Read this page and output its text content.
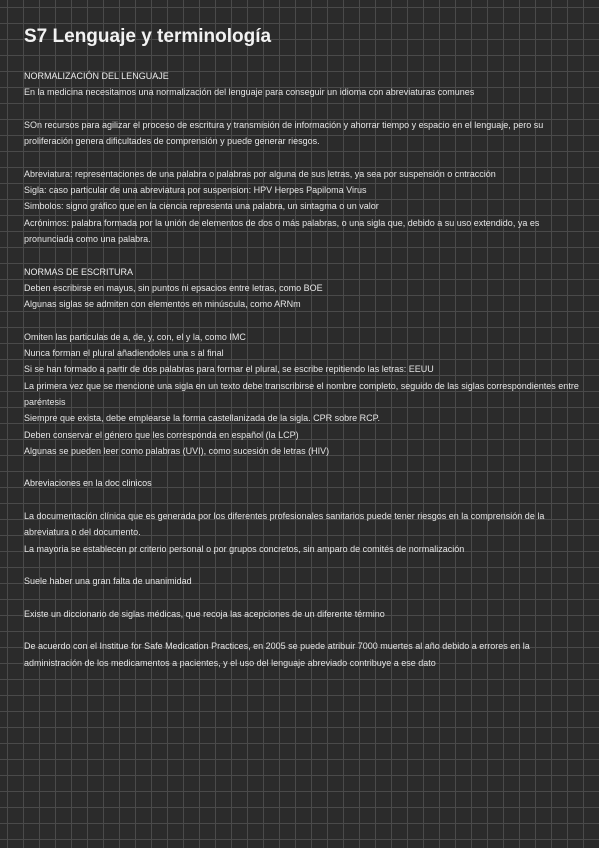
S7 Lenguaje y terminología
NORMALIZACIÓN DEL LENGUAJE
En la medicina necesitamos una normalización del lenguaje para conseguir un idioma con abreviaturas comunes
SOn recursos para agilizar el proceso de escritura y transmisión de información y ahorrar tiempo y espacio en el lenguaje, pero su proliferación genera dificultades de comprensión y puede generar riesgos.
Abreviatura: representaciones de una palabra o palabras por alguna de sus letras, ya sea por suspensión o cntracción
Sigla: caso particular de una abreviatura por suspension: HPV Herpes Papiloma Virus
Simbolos: signo gráfico que en la ciencia representa una palabra, un sintagma o un valor
Acrónimos: palabra formada por la unión de elementos de dos o más palabras, o una sigla que, debido a su uso extendido, ya es pronunciada como una palabra.
NORMAS DE ESCRITURA
Deben escribirse en mayus, sin puntos ni epsacios entre letras, como BOE
Algunas siglas se admiten con elementos en minúscula, como ARNm
Omiten las particulas de a, de, y, con, el y la, como IMC
Nunca forman el plural añadiendoles una s al final
Si se han formado a partir de dos palabras para formar el plural, se escribe repitiendo las letras: EEUU
La primera vez que se mencione una sigla en un texto debe transcribirse el nombre completo, seguido de las siglas correspondientes entre paréntesis
Siempre que exista, debe emplearse la forma castellanizada de la sigla. CPR sobre RCP.
Deben conservar el género que les corresponda en español (la LCP)
Algunas se pueden leer como palabras (UVI), como sucesión de letras (HIV)
Abreviaciones en la doc clinicos
La documentación clínica que es generada por los diferentes profesionales sanitarios puede tener riesgos en la comprensión de la abreviatura o del documento.
La mayoria se establecen pr criterio personal o por grupos concretos, sin amparo de comités de normalización
Suele haber una gran falta de unanimidad
Existe un diccionario de siglas médicas, que recoja las acepciones de un diferente término
De acuerdo con el Institue for Safe Medication Practices, en 2005 se puede atribuir 7000 muertes al año debido a errores en la administración de los medicamentos a pacientes, y el uso del lenguaje abreviado contribuye a ese dato
